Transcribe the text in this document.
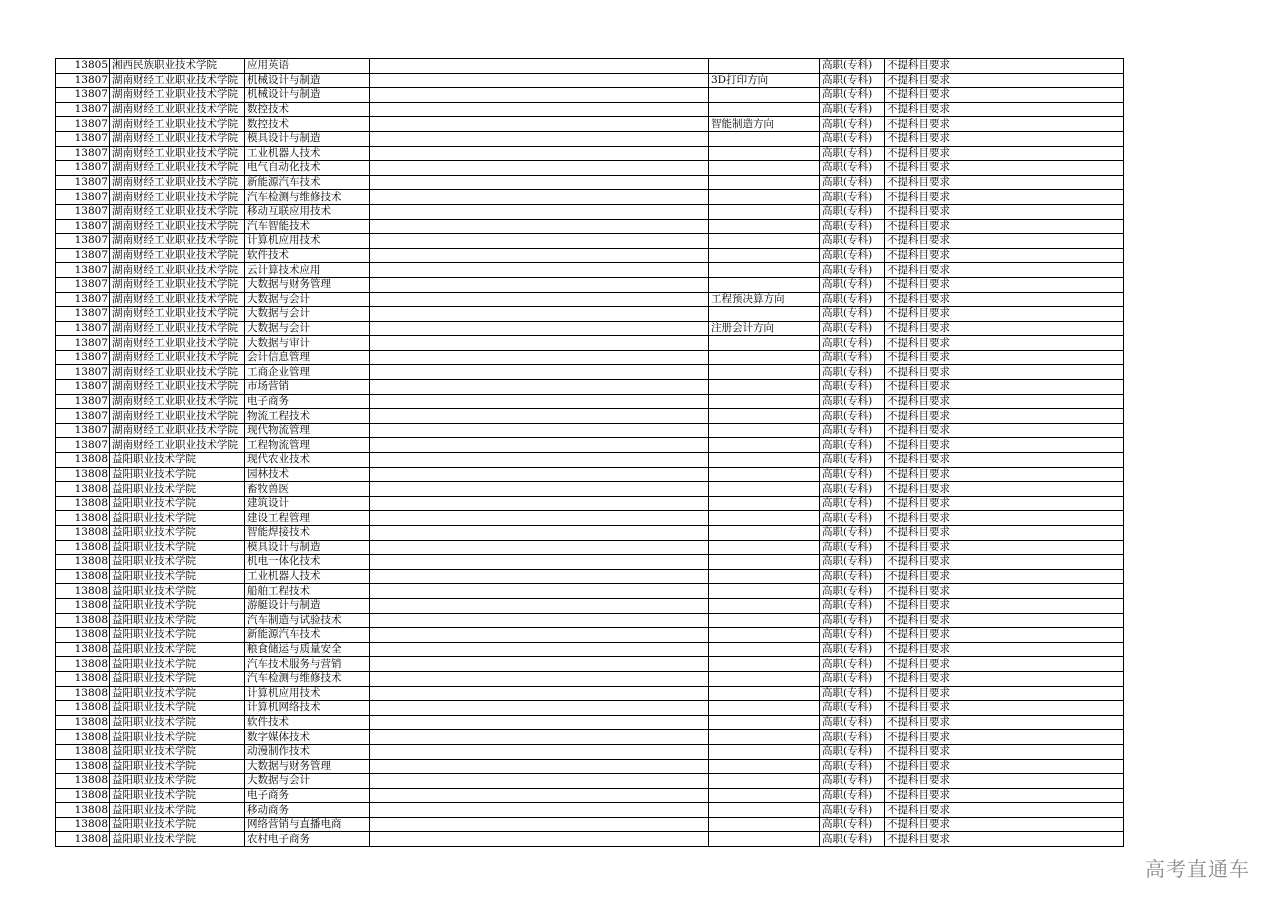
13805	湘西民族职业技术学院	应用英语			高职(专科)	不提科目要求
13807	湖南财经工业职业技术学院	机械设计与制造		3D打印方向	高职(专科)	不提科目要求
13807	湖南财经工业职业技术学院	机械设计与制造			高职(专科)	不提科目要求
13807	湖南财经工业职业技术学院	数控技术			高职(专科)	不提科目要求
13807	湖南财经工业职业技术学院	数控技术		智能制造方向	高职(专科)	不提科目要求
13807	湖南财经工业职业技术学院	模具设计与制造			高职(专科)	不提科目要求
13807	湖南财经工业职业技术学院	工业机器人技术			高职(专科)	不提科目要求
13807	湖南财经工业职业技术学院	电气自动化技术			高职(专科)	不提科目要求
13807	湖南财经工业职业技术学院	新能源汽车技术			高职(专科)	不提科目要求
13807	湖南财经工业职业技术学院	汽车检测与维修技术			高职(专科)	不提科目要求
13807	湖南财经工业职业技术学院	移动互联应用技术			高职(专科)	不提科目要求
13807	湖南财经工业职业技术学院	汽车智能技术			高职(专科)	不提科目要求
13807	湖南财经工业职业技术学院	计算机应用技术			高职(专科)	不提科目要求
13807	湖南财经工业职业技术学院	软件技术			高职(专科)	不提科目要求
13807	湖南财经工业职业技术学院	云计算技术应用			高职(专科)	不提科目要求
13807	湖南财经工业职业技术学院	大数据与财务管理			高职(专科)	不提科目要求
13807	湖南财经工业职业技术学院	大数据与会计		工程预决算方向	高职(专科)	不提科目要求
13807	湖南财经工业职业技术学院	大数据与会计			高职(专科)	不提科目要求
13807	湖南财经工业职业技术学院	大数据与会计		注册会计方向	高职(专科)	不提科目要求
13807	湖南财经工业职业技术学院	大数据与审计			高职(专科)	不提科目要求
13807	湖南财经工业职业技术学院	会计信息管理			高职(专科)	不提科目要求
13807	湖南财经工业职业技术学院	工商企业管理			高职(专科)	不提科目要求
13807	湖南财经工业职业技术学院	市场营销			高职(专科)	不提科目要求
13807	湖南财经工业职业技术学院	电子商务			高职(专科)	不提科目要求
13807	湖南财经工业职业技术学院	物流工程技术			高职(专科)	不提科目要求
13807	湖南财经工业职业技术学院	现代物流管理			高职(专科)	不提科目要求
13807	湖南财经工业职业技术学院	工程物流管理			高职(专科)	不提科目要求
13808	益阳职业技术学院	现代农业技术			高职(专科)	不提科目要求
13808	益阳职业技术学院	园林技术			高职(专科)	不提科目要求
13808	益阳职业技术学院	畜牧兽医			高职(专科)	不提科目要求
13808	益阳职业技术学院	建筑设计			高职(专科)	不提科目要求
13808	益阳职业技术学院	建设工程管理			高职(专科)	不提科目要求
13808	益阳职业技术学院	智能焊接技术			高职(专科)	不提科目要求
13808	益阳职业技术学院	模具设计与制造			高职(专科)	不提科目要求
13808	益阳职业技术学院	机电一体化技术			高职(专科)	不提科目要求
13808	益阳职业技术学院	工业机器人技术			高职(专科)	不提科目要求
13808	益阳职业技术学院	船舶工程技术			高职(专科)	不提科目要求
13808	益阳职业技术学院	游艇设计与制造			高职(专科)	不提科目要求
13808	益阳职业技术学院	汽车制造与试验技术			高职(专科)	不提科目要求
13808	益阳职业技术学院	新能源汽车技术			高职(专科)	不提科目要求
13808	益阳职业技术学院	粮食储运与质量安全			高职(专科)	不提科目要求
13808	益阳职业技术学院	汽车技术服务与营销			高职(专科)	不提科目要求
13808	益阳职业技术学院	汽车检测与维修技术			高职(专科)	不提科目要求
13808	益阳职业技术学院	计算机应用技术			高职(专科)	不提科目要求
13808	益阳职业技术学院	计算机网络技术			高职(专科)	不提科目要求
13808	益阳职业技术学院	软件技术			高职(专科)	不提科目要求
13808	益阳职业技术学院	数字媒体技术			高职(专科)	不提科目要求
13808	益阳职业技术学院	动漫制作技术			高职(专科)	不提科目要求
13808	益阳职业技术学院	大数据与财务管理			高职(专科)	不提科目要求
13808	益阳职业技术学院	大数据与会计			高职(专科)	不提科目要求
13808	益阳职业技术学院	电子商务			高职(专科)	不提科目要求
13808	益阳职业技术学院	移动商务			高职(专科)	不提科目要求
13808	益阳职业技术学院	网络营销与直播电商			高职(专科)	不提科目要求
13808	益阳职业技术学院	农村电子商务			高职(专科)	不提科目要求
高考直通车
